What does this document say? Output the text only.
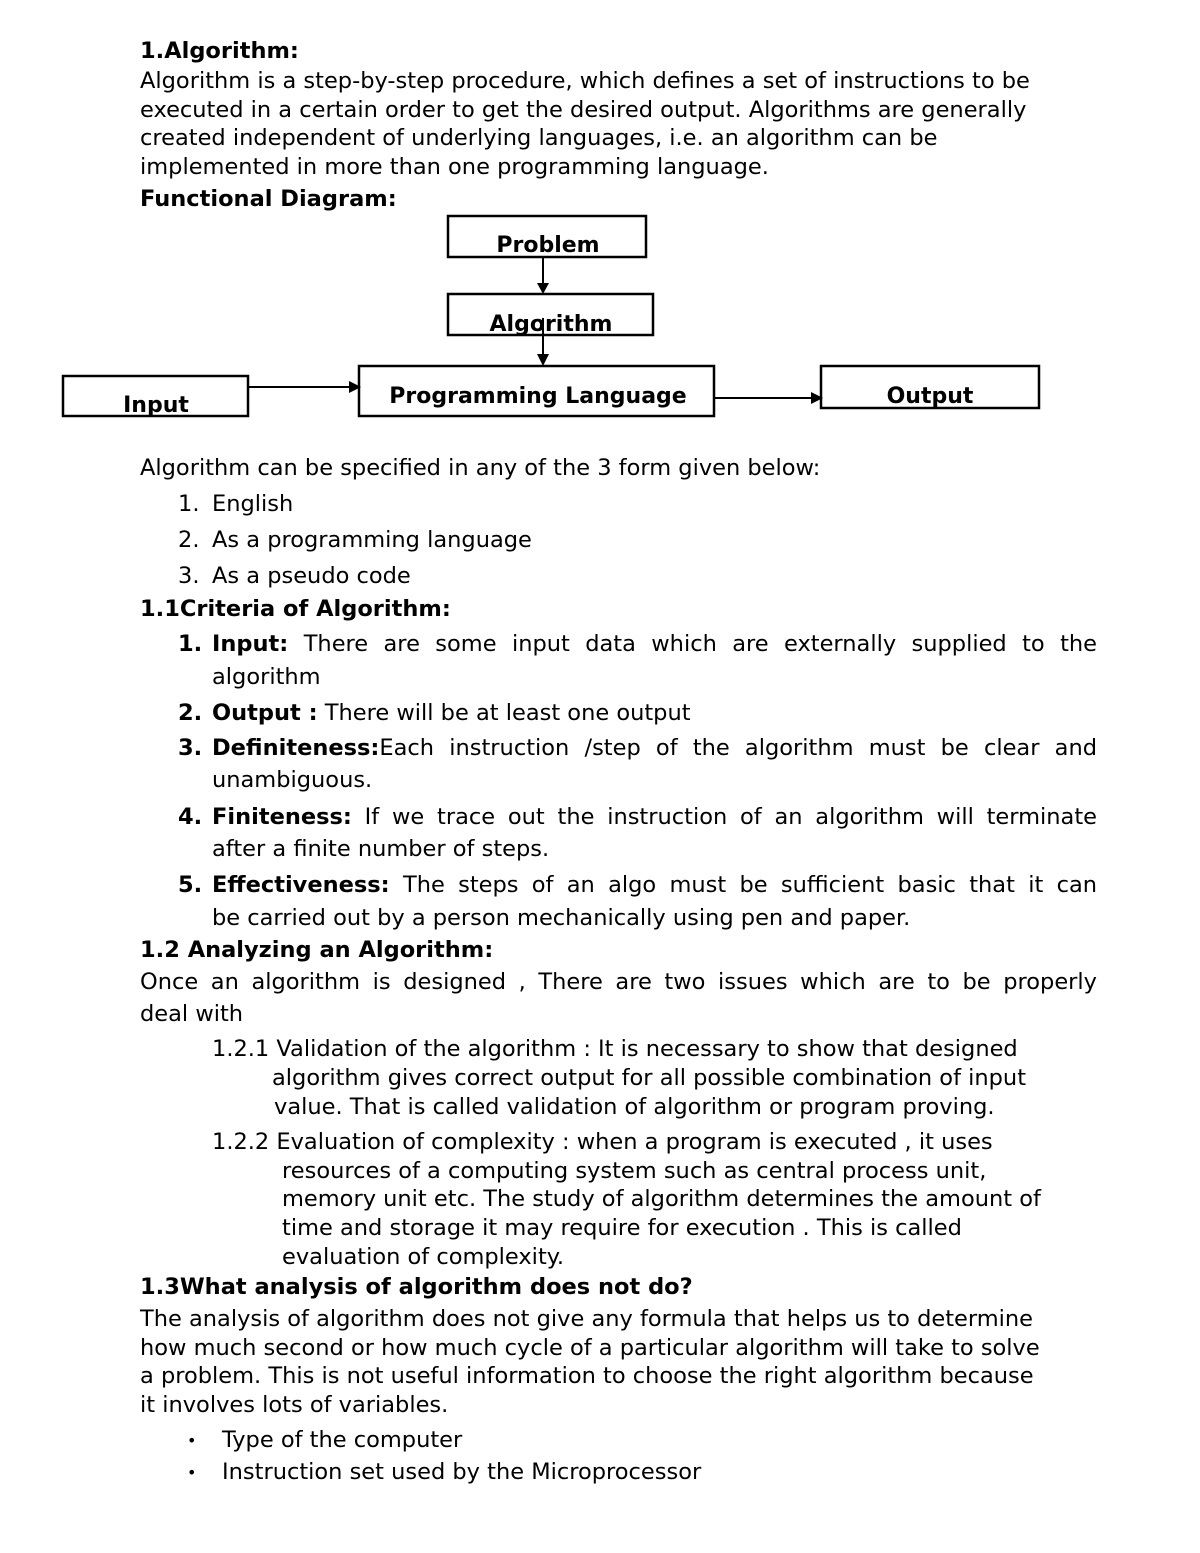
1.Algorithm:
Algorithm is a step-by-step procedure, which defines a set of instructions to be
executed in a certain order to get the desired output. Algorithms are generally
created independent of underlying languages, i.e. an algorithm can be
implemented in more than one programming language.
Functional Diagram:
Problem
Algorithm
Input	Programming Language	Output
Algorithm can be specified in any of the 3 form given below:
1. English
2. As a programming language
3. As a pseudo code
1.1Criteria of Algorithm:
1. Input: There are some input data which are externally supplied to the
algorithm
2. Output : There will be at least one output
3. Definiteness:Each instruction /step of the algorithm must be clear and
unambiguous.
4. Finiteness: If we trace out the instruction of an algorithm will terminate
after a finite number of steps.
5. Effectiveness: The steps of an algo must be sufficient basic that it can
be carried out by a person mechanically using pen and paper.
1.2 Analyzing an Algorithm:
Once an algorithm is designed , There are two issues which are to be properly
deal with
1.2.1 Validation of the algorithm : It is necessary to show that designed
algorithm gives correct output for all possible combination of input
value. That is called validation of algorithm or program proving.
1.2.2 Evaluation of complexity : when a program is executed , it uses
resources of a computing system such as central process unit,
memory unit etc. The study of algorithm determines the amount of
time and storage it may require for execution . This is called
evaluation of complexity.
1.3What analysis of algorithm does not do?
The analysis of algorithm does not give any formula that helps us to determine
how much second or how much cycle of a particular algorithm will take to solve
a problem. This is not useful information to choose the right algorithm because
it involves lots of variables.
• Type of the computer
• Instruction set used by the Microprocessor
